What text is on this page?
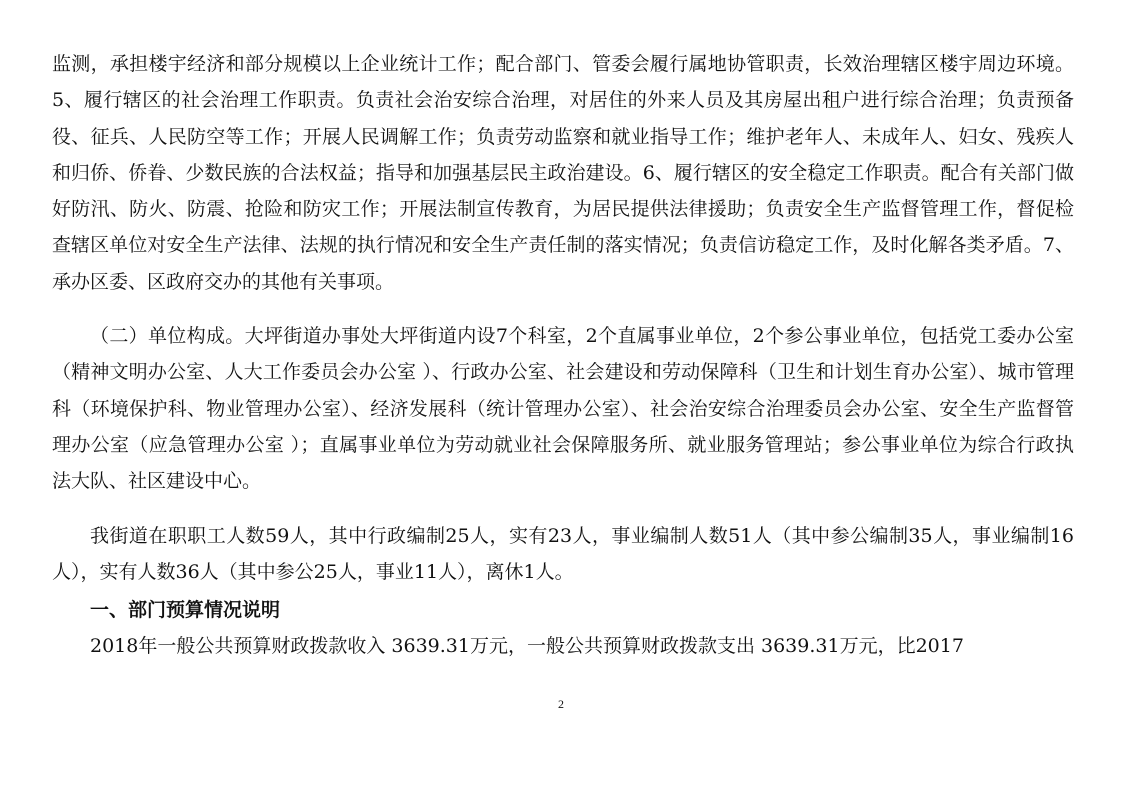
监测，承担楼宇经济和部分规模以上企业统计工作；配合部门、管委会履行属地协管职责，长效治理辖区楼宇周边环境。5、履行辖区的社会治理工作职责。负责社会治安综合治理，对居住的外来人员及其房屋出租户进行综合治理；负责预备役、征兵、人民防空等工作；开展人民调解工作；负责劳动监察和就业指导工作；维护老年人、未成年人、妇女、残疾人和归侨、侨眷、少数民族的合法权益；指导和加强基层民主政治建设。6、履行辖区的安全稳定工作职责。配合有关部门做好防汛、防火、防震、抢险和防灾工作；开展法制宣传教育，为居民提供法律援助；负责安全生产监督管理工作，督促检查辖区单位对安全生产法律、法规的执行情况和安全生产责任制的落实情况；负责信访稳定工作，及时化解各类矛盾。7、承办区委、区政府交办的其他有关事项。

（二）单位构成。大坪街道办事处大坪街道内设7个科室，2个直属事业单位，2个参公事业单位，包括党工委办公室（精神文明办公室、人大工作委员会办公室 ）、行政办公室、社会建设和劳动保障科（卫生和计划生育办公室）、城市管理科（环境保护科、物业管理办公室）、经济发展科（统计管理办公室）、社会治安综合治理委员会办公室、安全生产监督管理办公室（应急管理办公室 ）；直属事业单位为劳动就业社会保障服务所、就业服务管理站；参公事业单位为综合行政执法大队、社区建设中心。

我街道在职职工人数59人，其中行政编制25人，实有23人，事业编制人数51人（其中参公编制35人，事业编制16人），实有人数36人（其中参公25人，事业11人），离休1人。

一、部门预算情况说明

2018年一般公共预算财政拨款收入 3639.31万元，一般公共预算财政拨款支出 3639.31万元，比2017

2
